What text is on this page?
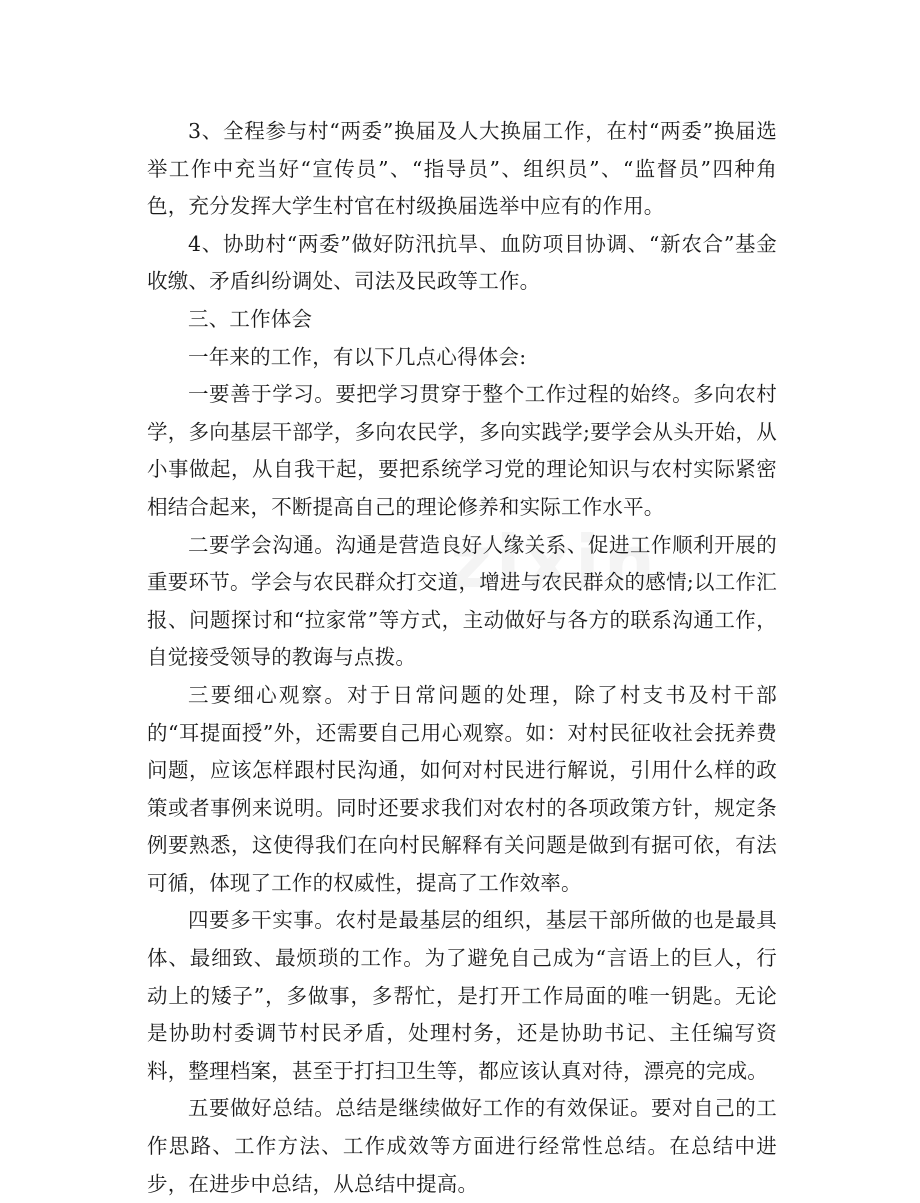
3、全程参与村“两委”换届及人大换届工作，在村“两委”换届选举工作中充当好“宣传员”、“指导员”、组织员”、“监督员”四种角色，充分发挥大学生村官在村级换届选举中应有的作用。

4、协助村“两委”做好防汛抗旱、血防项目协调、“新农合”基金收缴、矛盾纠纷调处、司法及民政等工作。

三、工作体会

一年来的工作，有以下几点心得体会:

一要善于学习。要把学习贯穿于整个工作过程的始终。多向农村学，多向基层干部学，多向农民学，多向实践学;要学会从头开始，从小事做起，从自我干起，要把系统学习党的理论知识与农村实际紧密相结合起来，不断提高自己的理论修养和实际工作水平。

二要学会沟通。沟通是营造良好人缘关系、促进工作顺利开展的重要环节。学会与农民群众打交道，增进与农民群众的感情;以工作汇报、问题探讨和“拉家常”等方式，主动做好与各方的联系沟通工作，自觉接受领导的教诲与点拨。

三要细心观察。对于日常问题的处理，除了村支书及村干部的“耳提面授”外，还需要自己用心观察。如：对村民征收社会抚养费问题，应该怎样跟村民沟通，如何对村民进行解说，引用什么样的政策或者事例来说明。同时还要求我们对农村的各项政策方针，规定条例要熟悉，这使得我们在向村民解释有关问题是做到有据可依，有法可循，体现了工作的权威性，提高了工作效率。

四要多干实事。农村是最基层的组织，基层干部所做的也是最具体、最细致、最烦琐的工作。为了避免自己成为“言语上的巨人，行动上的矮子”，多做事，多帮忙，是打开工作局面的唯一钥匙。无论是协助村委调节村民矛盾，处理村务，还是协助书记、主任编写资料，整理档案，甚至于打扫卫生等，都应该认真对待，漂亮的完成。

五要做好总结。总结是继续做好工作的有效保证。要对自己的工作思路、工作方法、工作成效等方面进行经常性总结。在总结中进步，在进步中总结，从总结中提高。
